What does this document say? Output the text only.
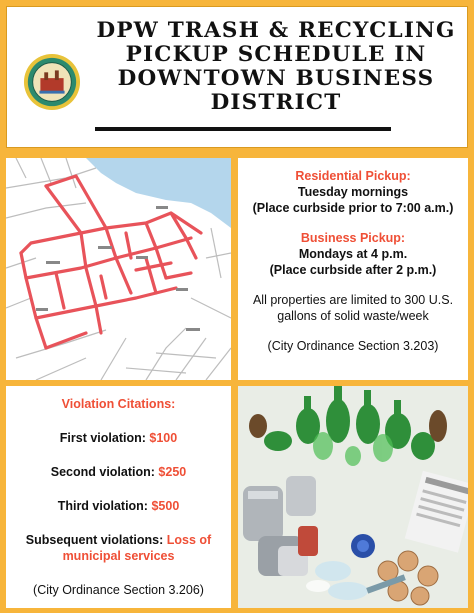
DPW TRASH & RECYCLING
PICKUP SCHEDULE IN
DOWNTOWN BUSINESS
DISTRICT

Residential Pickup:

Tuesday mornings

(Place curbside prior to 7:00 a.m.)

Business Pickup:

Mondays at 4 p.m.

(Place curbside after 2 p.m.)

All properties are limited to 300 U.S. gallons of solid waste/week

(City Ordinance Section 3.203)

Violation Citations:

First violation: $100

Second violation: $250

Third violation: $500

Subsequent violations: Loss of municipal services

(City Ordinance Section 3.206)
